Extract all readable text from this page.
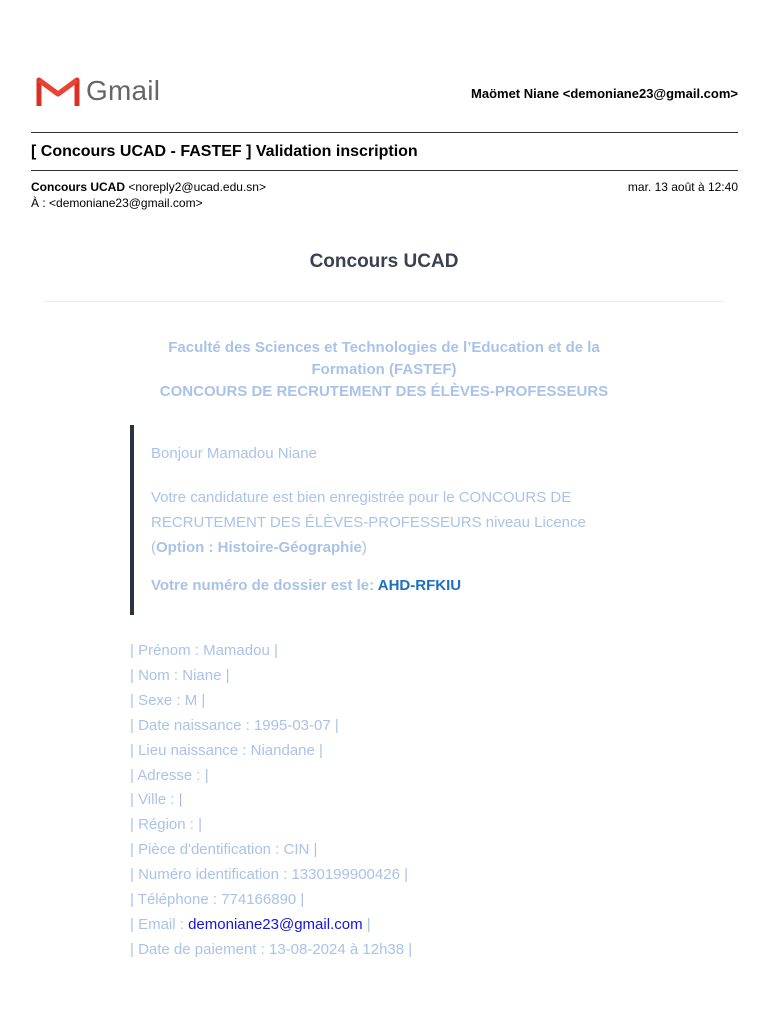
Gmail	Maömet Niane <demoniane23@gmail.com>
[ Concours UCAD - FASTEF ] Validation inscription
Concours UCAD <noreply2@ucad.edu.sn>
À : <demoniane23@gmail.com>
mar. 13 août à 12:40
Concours UCAD
Faculté des Sciences et Technologies de l’Education et de la
Formation (FASTEF)
CONCOURS DE RECRUTEMENT DES ÉLÈVES-PROFESSEURS
Bonjour Mamadou Niane
Votre candidature est bien enregistrée pour le CONCOURS DE RECRUTEMENT DES ÉLÈVES-PROFESSEURS niveau Licence
(Option : Histoire-Géographie)
Votre numéro de dossier est le: AHD-RFKIU
| Prénom : Mamadou |
| Nom : Niane |
| Sexe : M |
| Date naissance : 1995-03-07 |
| Lieu naissance : Niandane |
| Adresse : |
| Ville : |
| Région : |
| Pièce d'dentification : CIN |
| Numéro identification : 1330199900426 |
| Téléphone : 774166890 |
| Email : demoniane23@gmail.com |
| Date de paiement : 13-08-2024 à 12h38 |
